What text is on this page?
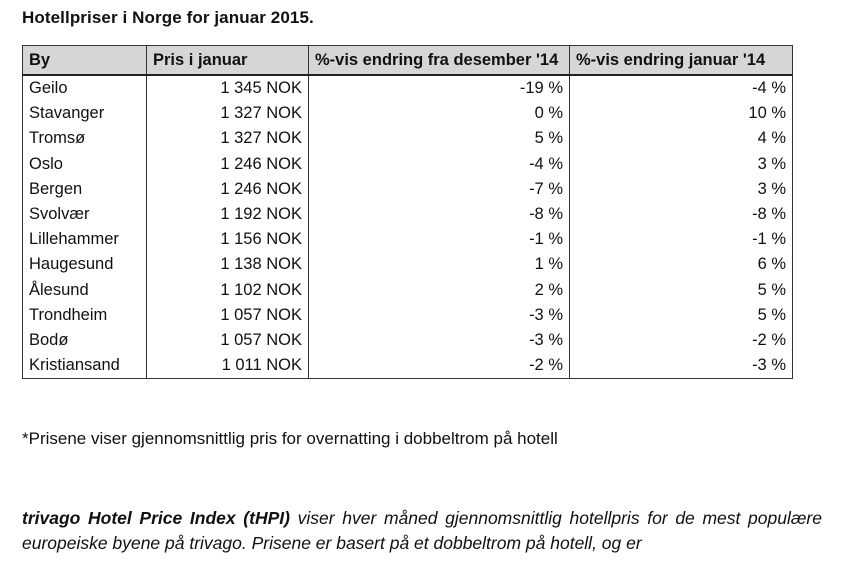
Hotellpriser i Norge for januar 2015.
By	Pris i januar	%-vis endring fra desember '14	%-vis endring januar '14
Geilo	1 345 NOK	-19 %	-4 %
Stavanger	1 327 NOK	0 %	10 %
Tromsø	1 327 NOK	5 %	4 %
Oslo	1 246 NOK	-4 %	3 %
Bergen	1 246 NOK	-7 %	3 %
Svolvær	1 192 NOK	-8 %	-8 %
Lillehammer	1 156 NOK	-1 %	-1 %
Haugesund	1 138 NOK	1 %	6 %
Ålesund	1 102 NOK	2 %	5 %
Trondheim	1 057 NOK	-3 %	5 %
Bodø	1 057 NOK	-3 %	-2 %
Kristiansand	1 011 NOK	-2 %	-3 %
*Prisene viser gjennomsnittlig pris for overnatting i dobbeltrom på hotell
trivago Hotel Price Index (tHPI) viser hver måned gjennomsnittlig hotellpris for de mest populære europeiske byene på trivago. Prisene er basert på et dobbeltrom på hotell, og er
